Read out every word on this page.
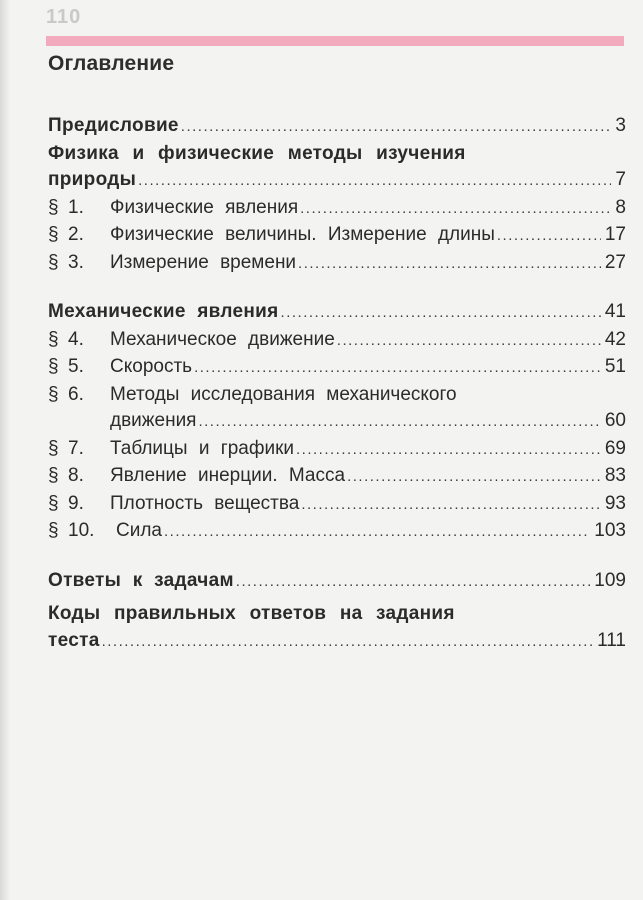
110
Оглавление
Предисловие .....	3
Физика и физические методы изучения
природы .....	7
§ 1. Физические явления .....	8
§ 2. Физические величины. Измерение длины .....	17
§ 3. Измерение времени .....	27
Механические явления .....	41
§ 4. Механическое движение .....	42
§ 5. Скорость .....	51
§ 6. Методы исследования механического
движения .....	60
§ 7. Таблицы и графики .....	69
§ 8. Явление инерции. Масса .....	83
§ 9. Плотность вещества .....	93
§ 10. Сила .....	103
Ответы к задачам .....	109
Коды правильных ответов на задания
теста .....	111
